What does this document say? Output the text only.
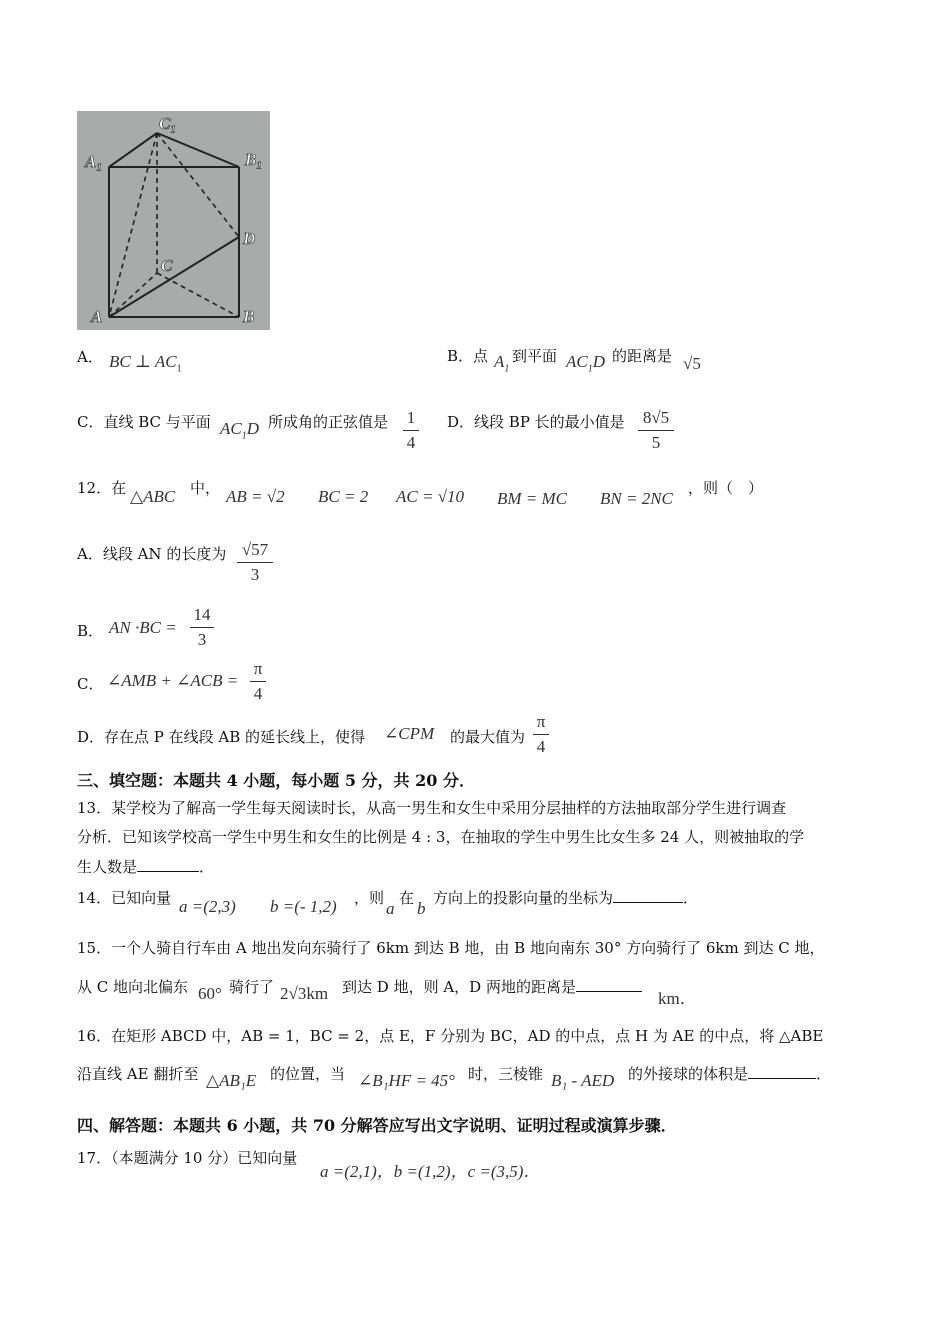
C₁
A₁	B₁
D
C
A	B
A． BC ⊥ $AC_1$
B．点 $A_1$
到平面 $AC_1D$ 的距离是 √5
C．直线 BC 与平面 $AC_1D$ 所成角的正弦值是 1
4
D．线段 BP 长的最小值是 8√5
5
12．在 △ABC 中， AB = √2 BC = 2 AC = √10 BM = MC BN = 2NC
，则（　）
A．线段 AN 的长度为 √57
3
B． AN ·BC =
14
3
C． ∠AMB + ∠ACB =
π
4
D．存在点 P 在线段 AB 的延长线上，使得 ∠CPM 的最大值为
π
4
三、填空题：本题共 4 小题，每小题 5 分，共 20 分．
13．某学校为了解高一学生每天阅读时长，从高一男生和女生中采用分层抽样的方法抽取部分学生进行调查
分析．已知该学校高一学生中男生和女生的比例是 4 : 3，在抽取的学生中男生比女生多 24 人，则被抽取的学
生人数是	．
14．已知向量 a =(2,3) b =(- 1,2) ，则
a
在
b
方向上的投影向量的坐标为	．
15．一个人骑自行车由 A 地出发向东骑行了 6km 到达 B 地，由 B 地向南东 30° 方向骑行了 6km 到达 C 地，
从 C 地向北偏东 60° 骑行了 2√3km 到达 D 地，则 A，D 两地的距离是
km．
16．在矩形 ABCD 中，AB = 1，BC = 2，点 E，F 分别为 BC，AD 的中点，点 H 为 AE 的中点，将 △ABE
沿直线 AE 翻折至 △AB₁E 的位置，当 ∠B₁HF = 45° 时，三棱锥 B₁ - AED 的外接球的体积是	．
四、解答题：本题共 6 小题，共 70 分解答应写出文字说明、证明过程或演算步骤．
17．（本题满分 10 分）已知向量
a =(2,1)，b =(1,2)，c =(3,5)．
